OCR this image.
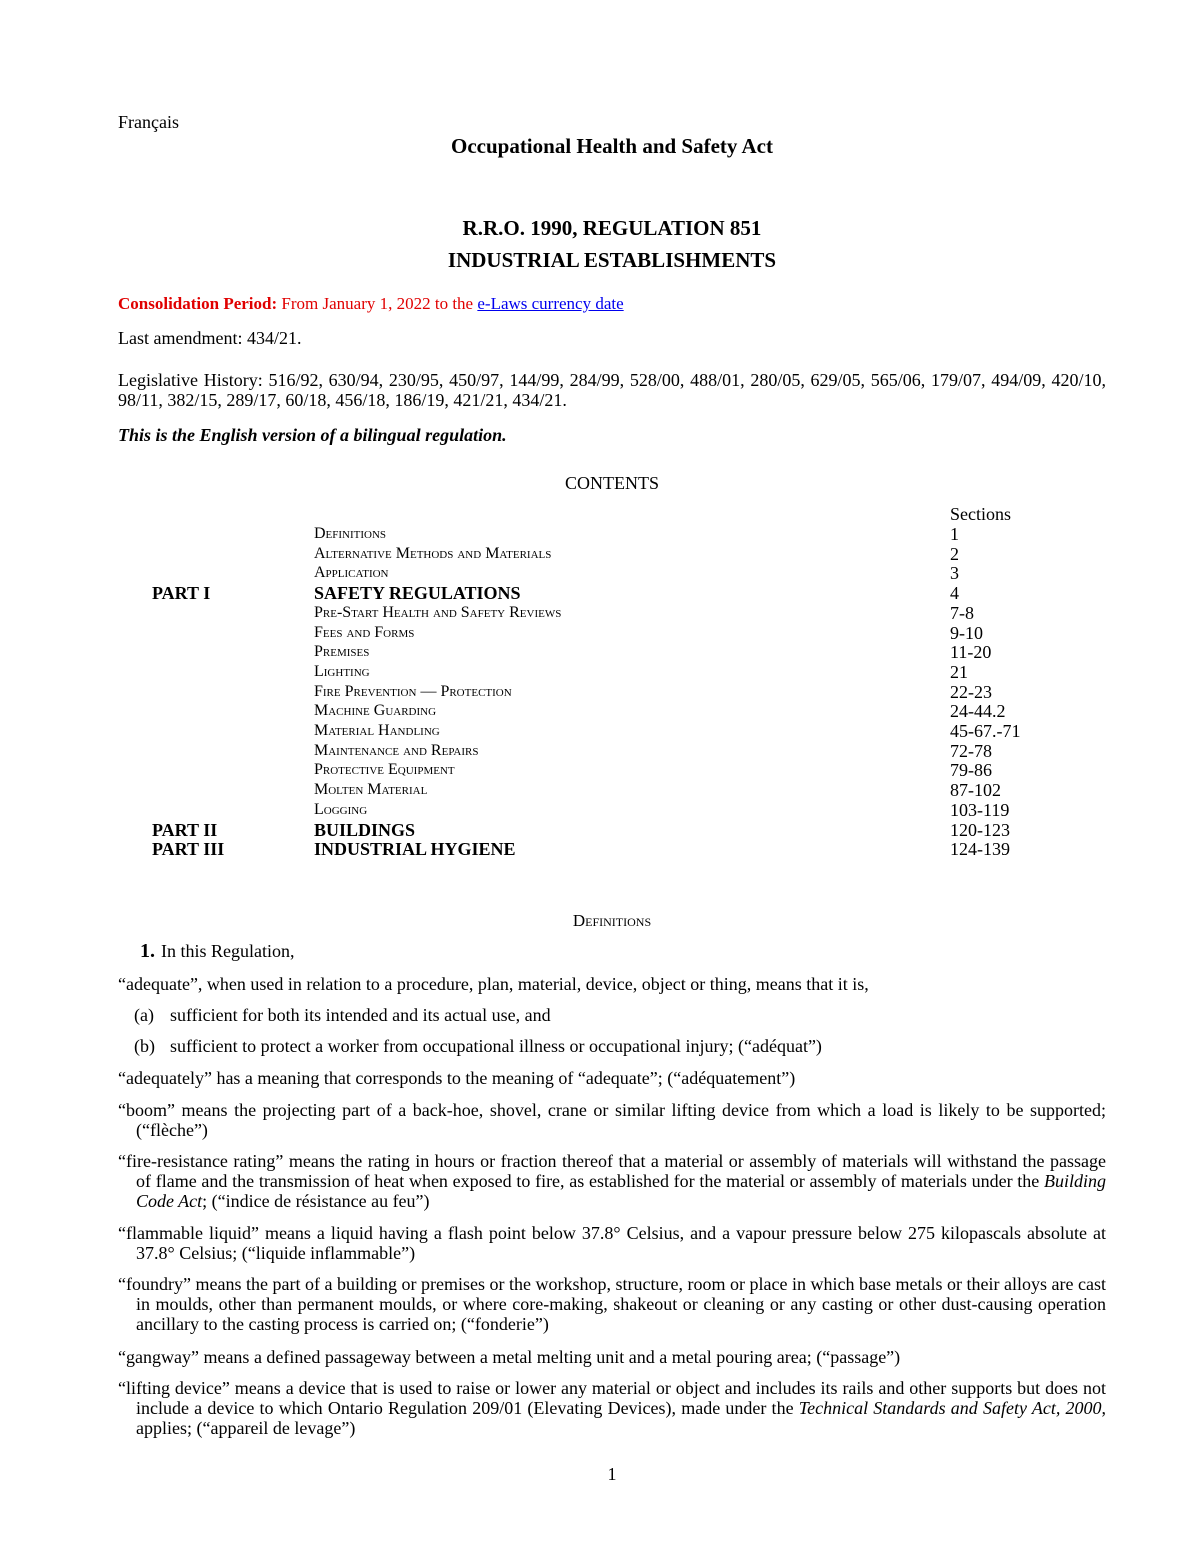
Français
Occupational Health and Safety Act
R.R.O. 1990, REGULATION 851
INDUSTRIAL ESTABLISHMENTS
Consolidation Period: From January 1, 2022 to the e-Laws currency date
Last amendment: 434/21.
Legislative History: 516/92, 630/94, 230/95, 450/97, 144/99, 284/99, 528/00, 488/01, 280/05, 629/05, 565/06, 179/07, 494/09, 420/10, 98/11, 382/15, 289/17, 60/18, 456/18, 186/19, 421/21, 434/21.
This is the English version of a bilingual regulation.
CONTENTS
Sections
Definitions	1
Alternative Methods and Materials	2
Application	3
PART I	SAFETY REGULATIONS	4
Pre-Start Health and Safety Reviews	7-8
Fees and Forms	9-10
Premises	11-20
Lighting	21
Fire Prevention — Protection	22-23
Machine Guarding	24-44.2
Material Handling	45-67.-71
Maintenance and Repairs	72-78
Protective Equipment	79-86
Molten Material	87-102
Logging	103-119
PART II	BUILDINGS	120-123
PART III	INDUSTRIAL HYGIENE	124-139
Definitions
1. In this Regulation,
“adequate”, when used in relation to a procedure, plan, material, device, object or thing, means that it is,
(a) sufficient for both its intended and its actual use, and
(b) sufficient to protect a worker from occupational illness or occupational injury; (“adéquat”)
“adequately” has a meaning that corresponds to the meaning of “adequate”; (“adéquatement”)
“boom” means the projecting part of a back-hoe, shovel, crane or similar lifting device from which a load is likely to be supported; (“flèche”)
“fire-resistance rating” means the rating in hours or fraction thereof that a material or assembly of materials will withstand the passage of flame and the transmission of heat when exposed to fire, as established for the material or assembly of materials under the Building Code Act; (“indice de résistance au feu”)
“flammable liquid” means a liquid having a flash point below 37.8° Celsius, and a vapour pressure below 275 kilopascals absolute at 37.8° Celsius; (“liquide inflammable”)
“foundry” means the part of a building or premises or the workshop, structure, room or place in which base metals or their alloys are cast in moulds, other than permanent moulds, or where core-making, shakeout or cleaning or any casting or other dust-causing operation ancillary to the casting process is carried on; (“fonderie”)
“gangway” means a defined passageway between a metal melting unit and a metal pouring area; (“passage”)
“lifting device” means a device that is used to raise or lower any material or object and includes its rails and other supports but does not include a device to which Ontario Regulation 209/01 (Elevating Devices), made under the Technical Standards and Safety Act, 2000, applies; (“appareil de levage”)
1
